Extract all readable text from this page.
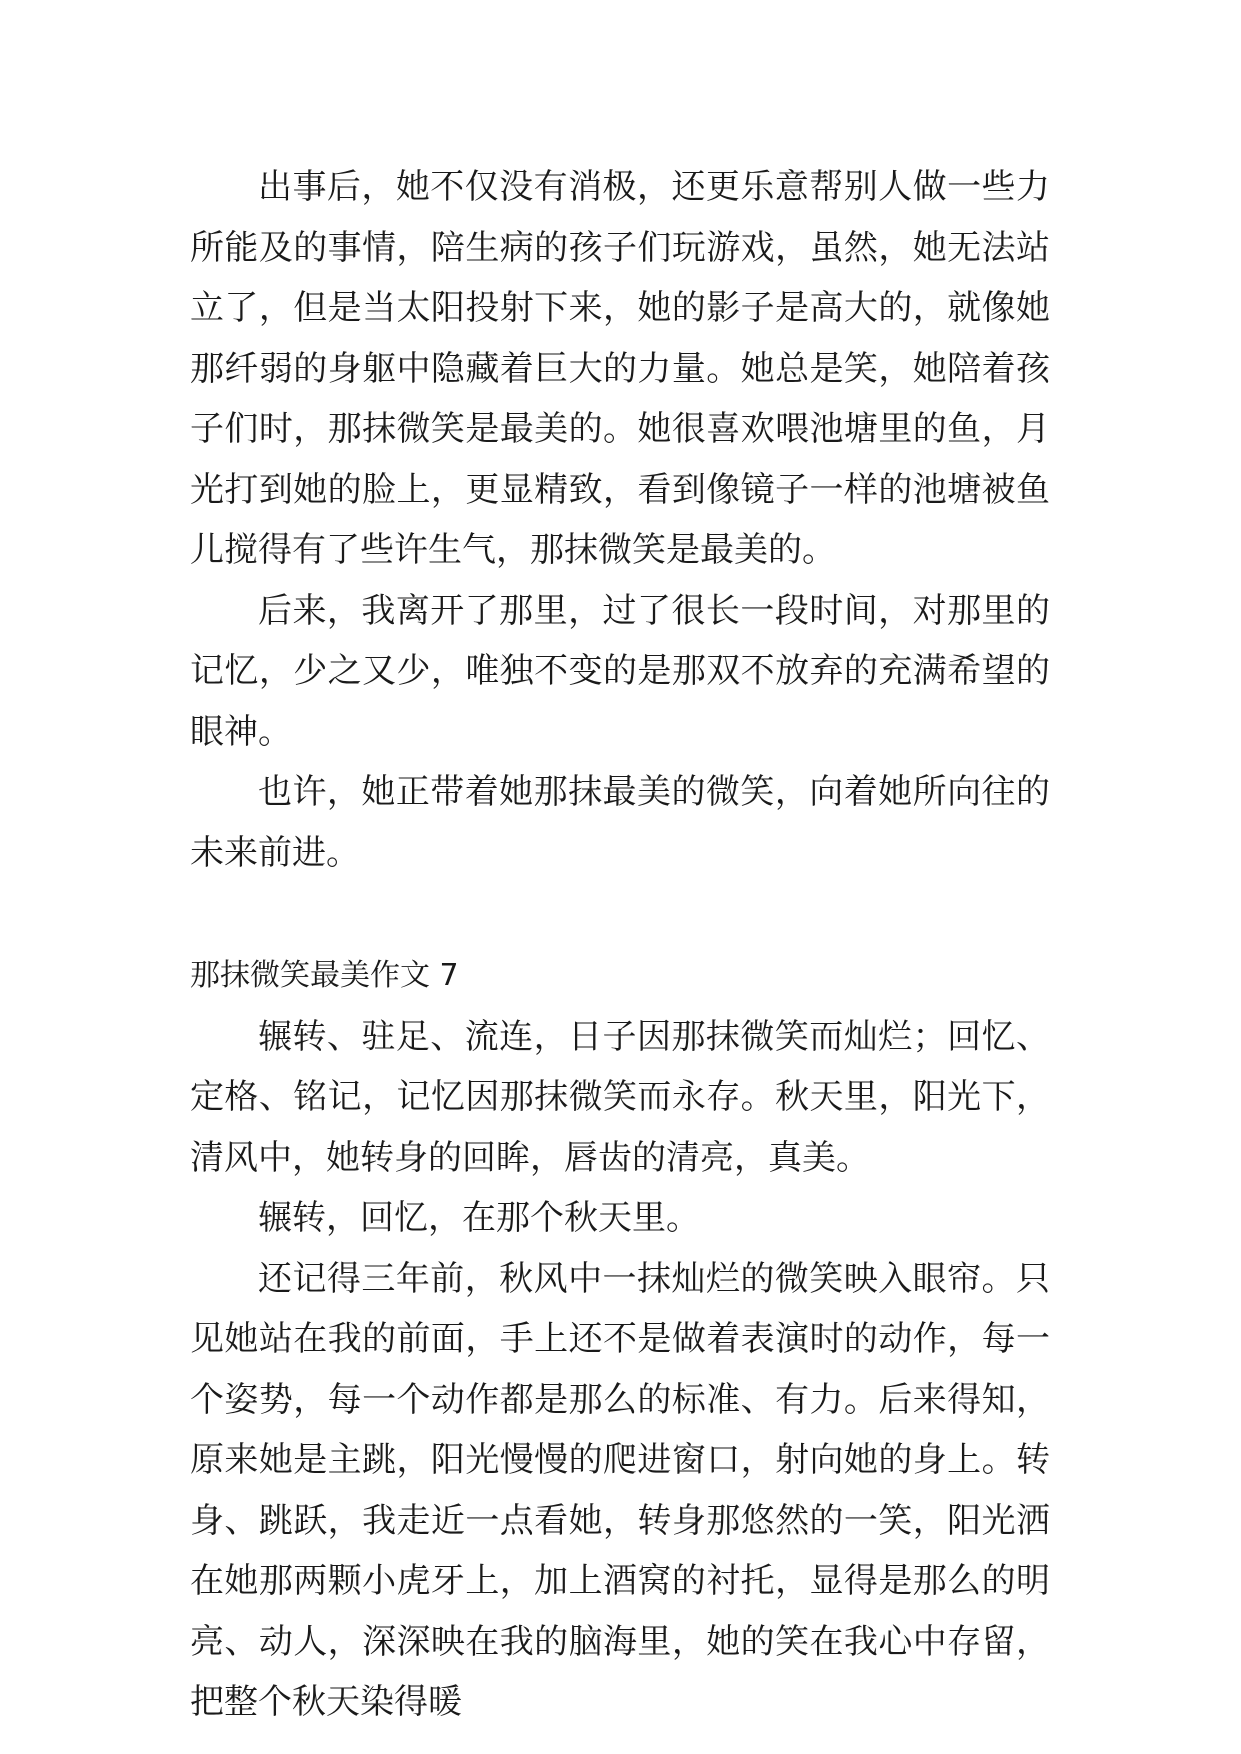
出事后，她不仅没有消极，还更乐意帮别人做一些力所能及的事情，陪生病的孩子们玩游戏，虽然，她无法站立了，但是当太阳投射下来，她的影子是高大的，就像她那纤弱的身躯中隐藏着巨大的力量。她总是笑，她陪着孩子们时，那抹微笑是最美的。她很喜欢喂池塘里的鱼，月光打到她的脸上，更显精致，看到像镜子一样的池塘被鱼儿搅得有了些许生气，那抹微笑是最美的。

后来，我离开了那里，过了很长一段时间，对那里的记忆，少之又少，唯独不变的是那双不放弃的充满希望的眼神。

也许，她正带着她那抹最美的微笑，向着她所向往的未来前进。

那抹微笑最美作文 7

辗转、驻足、流连，日子因那抹微笑而灿烂；回忆、定格、铭记，记忆因那抹微笑而永存。秋天里，阳光下，清风中，她转身的回眸，唇齿的清亮，真美。

辗转，回忆，在那个秋天里。

还记得三年前，秋风中一抹灿烂的微笑映入眼帘。只见她站在我的前面，手上还不是做着表演时的动作，每一个姿势，每一个动作都是那么的标准、有力。后来得知，原来她是主跳，阳光慢慢的爬进窗口，射向她的身上。转身、跳跃，我走近一点看她，转身那悠然的一笑，阳光洒在她那两颗小虎牙上，加上酒窝的衬托，显得是那么的明亮、动人，深深映在我的脑海里，她的笑在我心中存留，把整个秋天染得暖
